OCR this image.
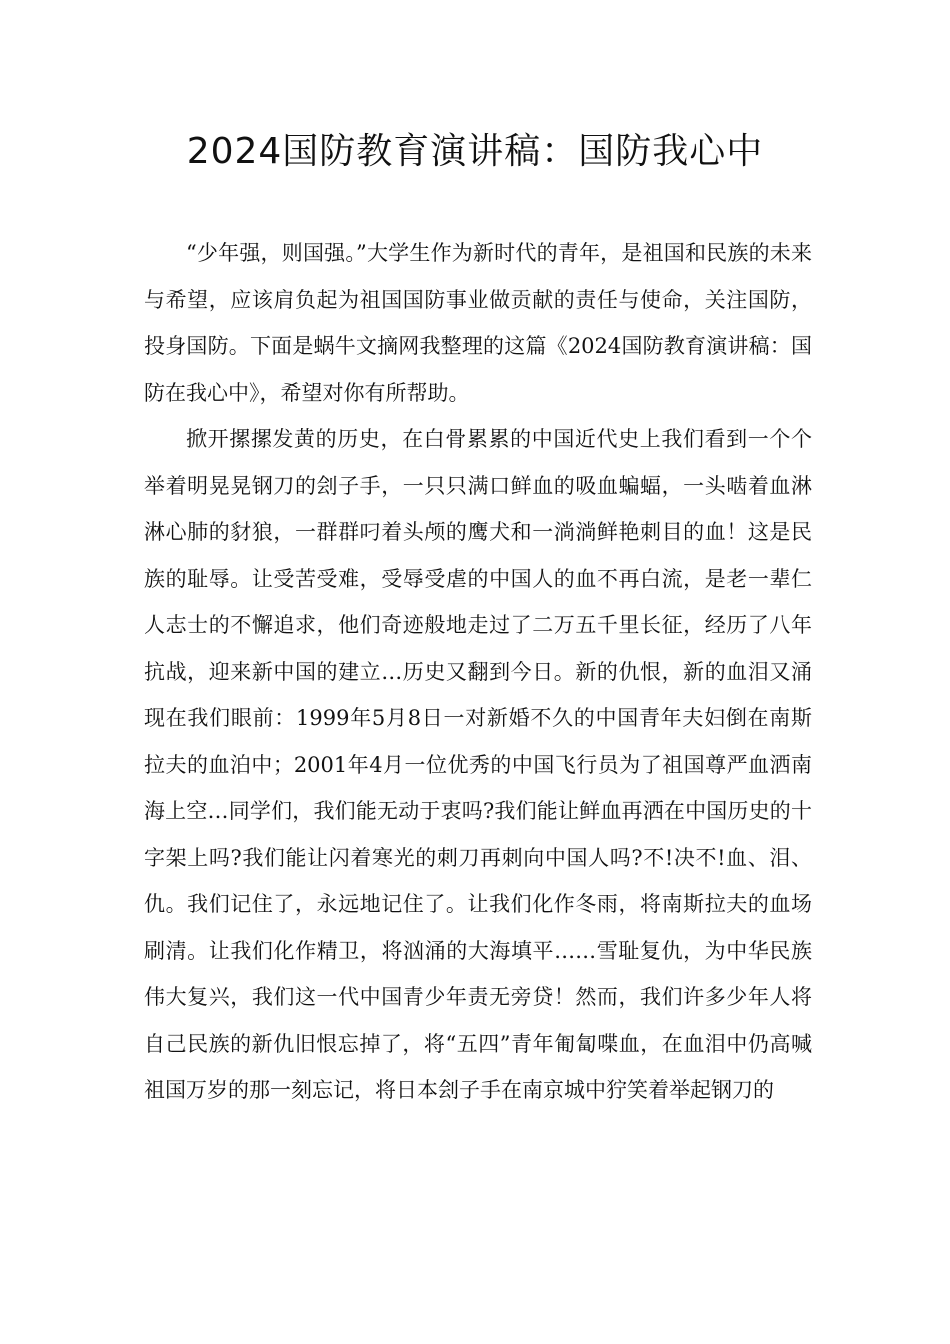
2024国防教育演讲稿：国防我心中

“少年强，则国强。”大学生作为新时代的青年，是祖国和民族的未来与希望，应该肩负起为祖国国防事业做贡献的责任与使命，关注国防，投身国防。下面是蜗牛文摘网我整理的这篇《2024国防教育演讲稿：国防在我心中》，希望对你有所帮助。

掀开摞摞发黄的历史，在白骨累累的中国近代史上我们看到一个个举着明晃晃钢刀的刽子手，一只只满口鲜血的吸血蝙蝠，一头啮着血淋淋心肺的豺狼，一群群叼着头颅的鹰犬和一淌淌鲜艳刺目的血！这是民族的耻辱。让受苦受难，受辱受虐的中国人的血不再白流，是老一辈仁人志士的不懈追求，他们奇迹般地走过了二万五千里长征，经历了八年抗战，迎来新中国的建立…历史又翻到今日。新的仇恨，新的血泪又涌现在我们眼前：1999年5月8日一对新婚不久的中国青年夫妇倒在南斯拉夫的血泊中；2001年4月一位优秀的中国飞行员为了祖国尊严血洒南海上空…同学们，我们能无动于衷吗?我们能让鲜血再洒在中国历史的十字架上吗?我们能让闪着寒光的刺刀再刺向中国人吗?不!决不!血、泪、仇。我们记住了，永远地记住了。让我们化作冬雨，将南斯拉夫的血场刷清。让我们化作精卫，将汹涌的大海填平……雪耻复仇，为中华民族伟大复兴，我们这一代中国青少年责无旁贷！然而，我们许多少年人将自己民族的新仇旧恨忘掉了，将“五四”青年匍匐喋血，在血泪中仍高喊祖国万岁的那一刻忘记，将日本刽子手在南京城中狞笑着举起钢刀的
